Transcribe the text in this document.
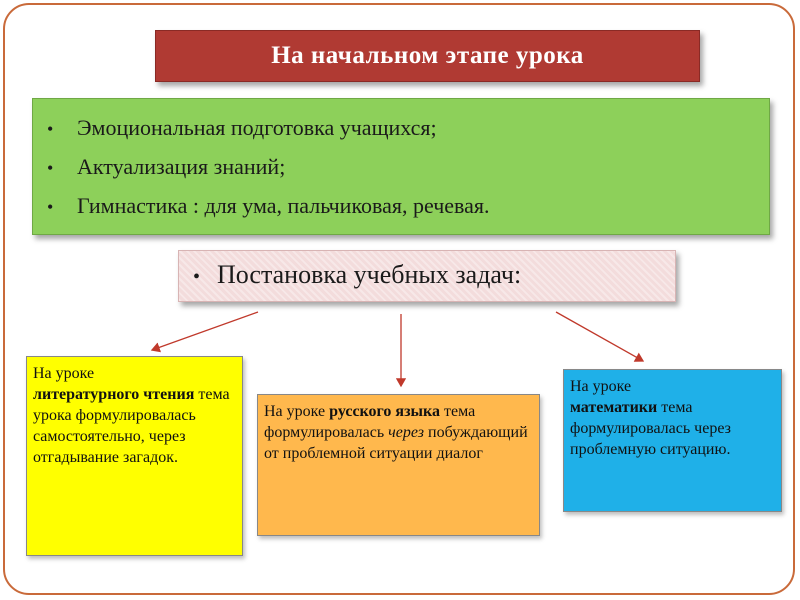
На начальном этапе урока
•	Эмоциональная подготовка учащихся;
•	Актуализация знаний;
•	Гимнастика : для ума, пальчиковая, речевая.
• Постановка учебных задач:
На уроке
литературного чтения тема урока формулировалась самостоятельно, через отгадывание загадок.
На уроке русского языка тема формулировалась через побуждающий от проблемной ситуации диалог
На уроке
математики тема формулировалась через проблемную ситуацию.
